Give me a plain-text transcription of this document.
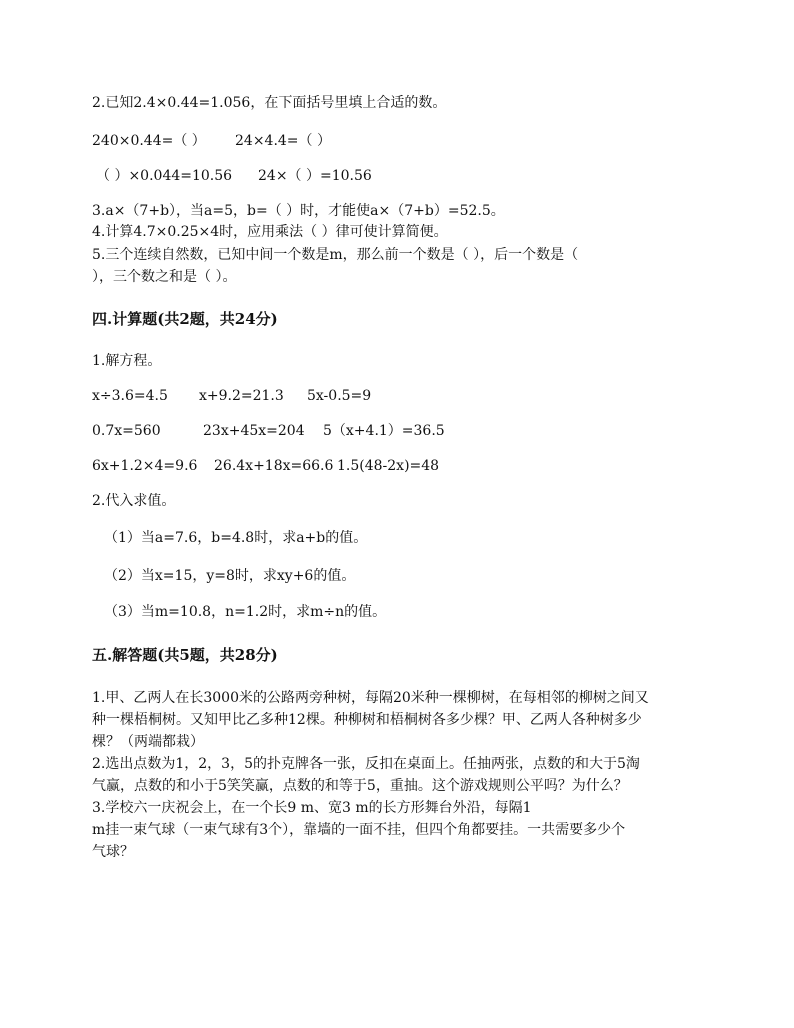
2.已知2.4×0.44=1.056，在下面括号里填上合适的数。
240×0.44=（ ） 24×4.4=（ ）
（ ）×0.044=10.56 24×（ ）=10.56
3.a×（7+b），当a=5，b=（ ）时，才能使a×（7+b）=52.5。
4.计算4.7×0.25×4时，应用乘法（ ）律可使计算简便。
5.三个连续自然数，已知中间一个数是m，那么前一个数是（ ），后一个数是（
），三个数之和是（ ）。
四.计算题(共2题，共24分)
1.解方程。
x÷3.6=4.5 x+9.2=21.3 5x-0.5=9
0.7x=560	23x+45x=204 5（x+4.1）=36.5
6x+1.2×4=9.6 26.4x+18x=66.6 1.5(48-2x)=48
2.代入求值。
（1）当a=7.6，b=4.8时，求a+b的值。
（2）当x=15，y=8时，求xy+6的值。
（3）当m=10.8，n=1.2时，求m÷n的值。
五.解答题(共5题，共28分)
1.甲、乙两人在长3000米的公路两旁种树，每隔20米种一棵柳树，在每相邻的柳树之间又
种一棵梧桐树。又知甲比乙多种12棵。种柳树和梧桐树各多少棵？甲、乙两人各种树多少
棵？（两端都栽）
2.选出点数为1，2，3，5的扑克牌各一张，反扣在桌面上。任抽两张，点数的和大于5淘
气赢，点数的和小于5笑笑赢，点数的和等于5，重抽。这个游戏规则公平吗？为什么？
3.学校六一庆祝会上，在一个长9 m、宽3 m的长方形舞台外沿，每隔1
m挂一束气球（一束气球有3个），靠墙的一面不挂，但四个角都要挂。一共需要多少个
气球？
